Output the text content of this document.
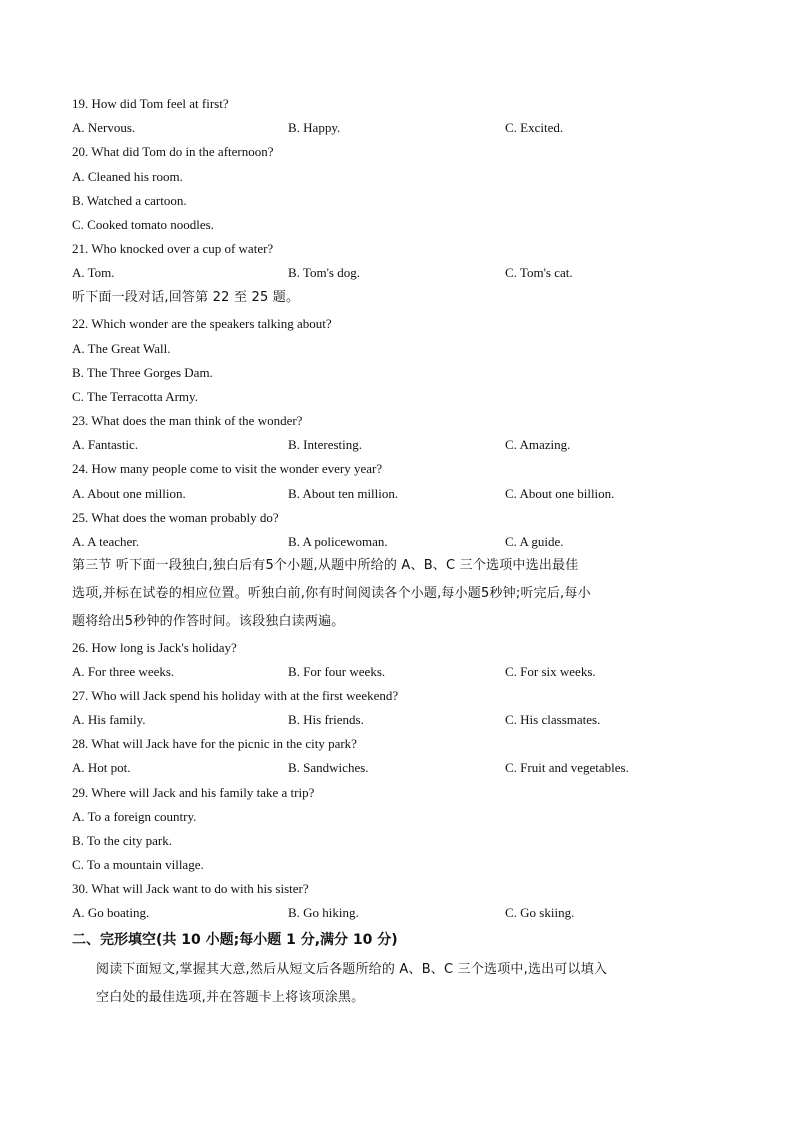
19. How did Tom feel at first?
A. Nervous.	B. Happy.	C. Excited.
20. What did Tom do in the afternoon?
A. Cleaned his room.
B. Watched a cartoon.
C. Cooked tomato noodles.
21. Who knocked over a cup of water?
A. Tom.	B. Tom's dog.	C. Tom's cat.
听下面一段对话,回答第 22 至 25 题。
22. Which wonder are the speakers talking about?
A. The Great Wall.
B. The Three Gorges Dam.
C. The Terracotta Army.
23. What does the man think of the wonder?
A. Fantastic.	B. Interesting.	C. Amazing.
24. How many people come to visit the wonder every year?
A. About one million.	B. About ten million.	C. About one billion.
25. What does the woman probably do?
A. A teacher.	B. A policewoman.	C. A guide.
第三节 听下面一段独白,独白后有5个小题,从题中所给的 A、B、C 三个选项中选出最佳
选项,并标在试卷的相应位置。听独白前,你有时间阅读各个小题,每小题5秒钟;听完后,每小
题将给出5秒钟的作答时间。该段独白读两遍。
26. How long is Jack's holiday?
A. For three weeks.	B. For four weeks.	C. For six weeks.
27. Who will Jack spend his holiday with at the first weekend?
A. His family.	B. His friends.	C. His classmates.
28. What will Jack have for the picnic in the city park?
A. Hot pot.	B. Sandwiches.	C. Fruit and vegetables.
29. Where will Jack and his family take a trip?
A. To a foreign country.
B. To the city park.
C. To a mountain village.
30. What will Jack want to do with his sister?
A. Go boating.	B. Go hiking.	C. Go skiing.
二、完形填空(共 10 小题;每小题 1 分,满分 10 分)
阅读下面短文,掌握其大意,然后从短文后各题所给的 A、B、C 三个选项中,选出可以填入
空白处的最佳选项,并在答题卡上将该项涂黑。
